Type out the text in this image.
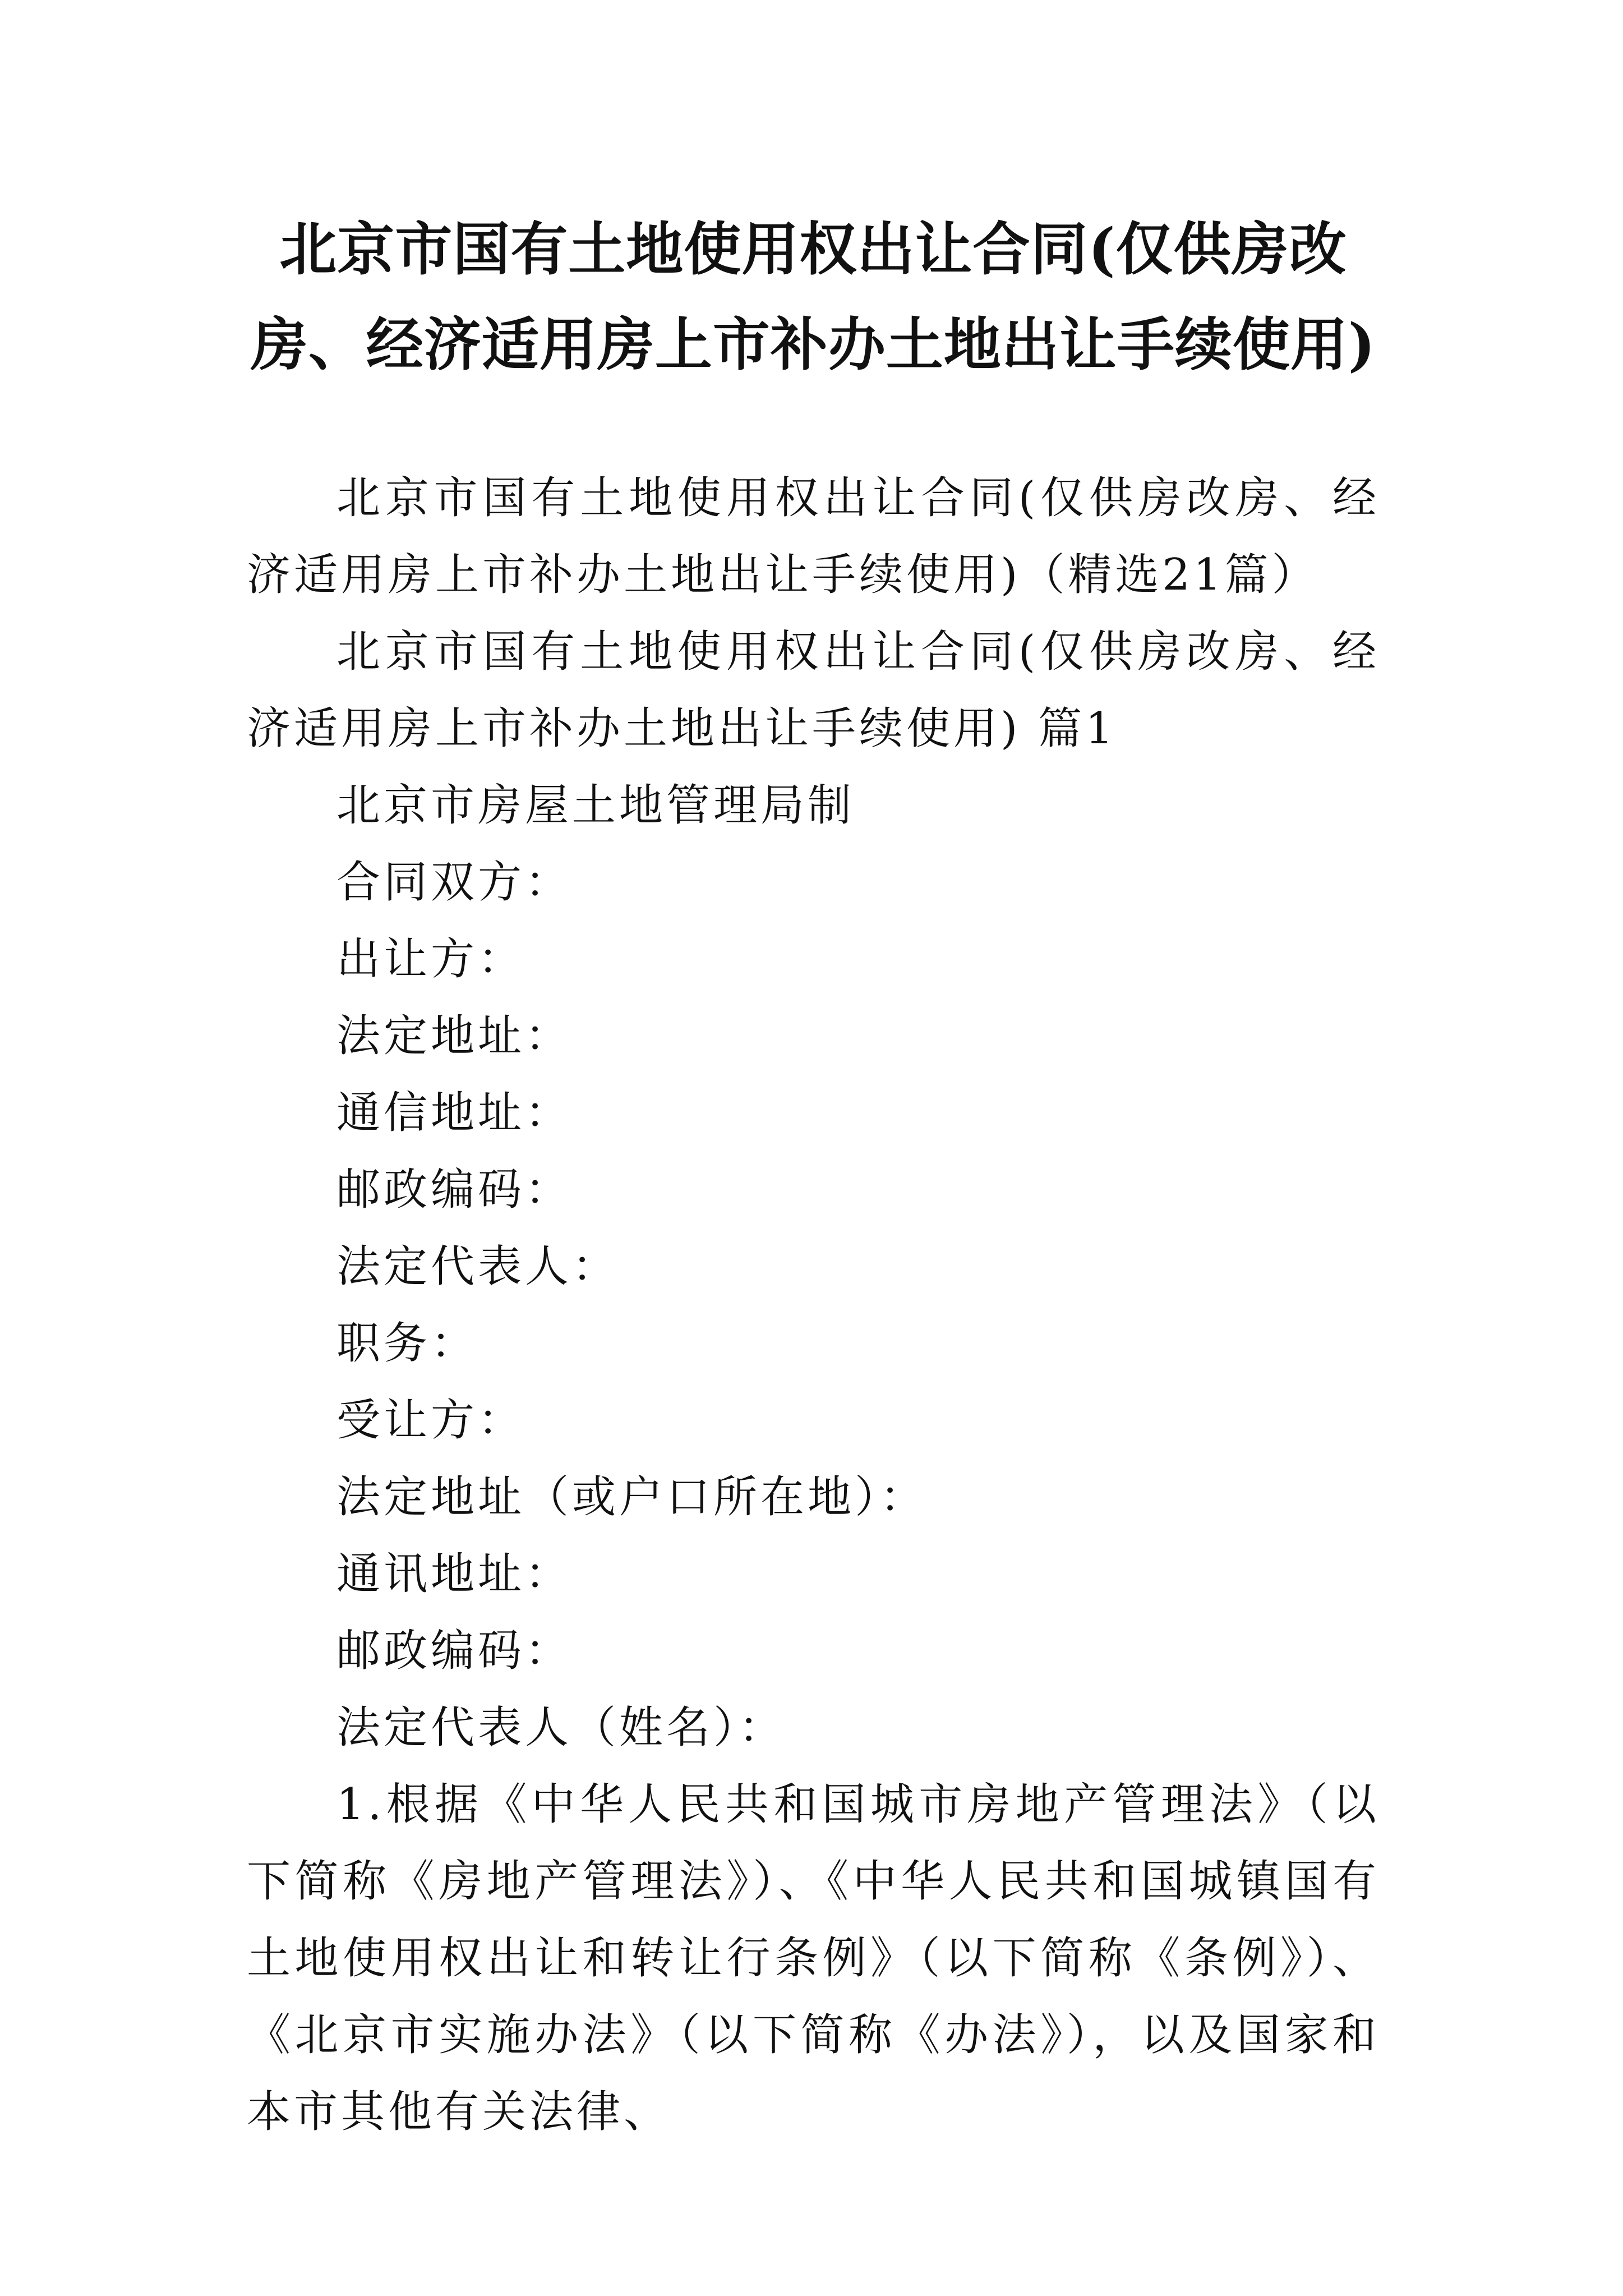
北京市国有土地使用权出让合同(仅供房改房、经济适用房上市补办土地出让手续使用)

北京市国有土地使用权出让合同(仅供房改房、经济适用房上市补办土地出让手续使用)（精选21篇）

北京市国有土地使用权出让合同(仅供房改房、经济适用房上市补办土地出让手续使用) 篇1

北京市房屋土地管理局制

合同双方：

出让方：

法定地址：

通信地址：

邮政编码：

法定代表人：

职务：

受让方：

法定地址（或户口所在地）：

通讯地址：

邮政编码：

法定代表人（姓名）：

1.根据《中华人民共和国城市房地产管理法》（以下简称《房地产管理法》）、《中华人民共和国城镇国有土地使用权出让和转让行条例》（以下简称《条例》）、《北京市实施办法》（以下简称《办法》），以及国家和本市其他有关法律、
